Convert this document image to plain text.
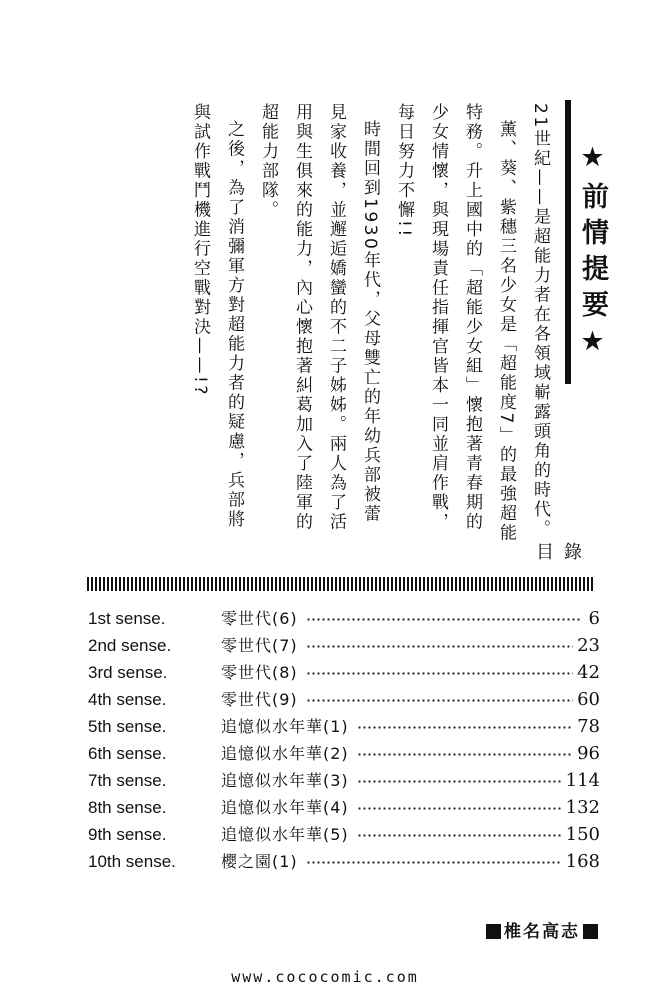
★前情提要★

21世紀——是超能力者在各領域嶄露頭角的時代。

薰、葵、紫穗三名少女是「超能度7」的最強超能特務。升上國中的「超能少女組」懷抱著青春期的少女情懷，與現場責任指揮官皆本一同並肩作戰，每日努力不懈!!

時間回到1930年代，父母雙亡的年幼兵部被蕾見家收養，並邂逅嬌蠻的不二子姊姊。兩人為了活用與生俱來的能力，內心懷抱著糾葛加入了陸軍的超能力部隊。

之後，為了消彌軍方對超能力者的疑慮，兵部將與試作戰鬥機進行空戰對決——!?

目錄
1st sense.	零世代(6)	6
2nd sense.	零世代(7)	23
3rd sense.	零世代(8)	42
4th sense.	零世代(9)	60
5th sense.	追憶似水年華(1)	78
6th sense.	追憶似水年華(2)	96
7th sense.	追憶似水年華(3)	114
8th sense.	追憶似水年華(4)	132
9th sense.	追憶似水年華(5)	150
10th sense.	櫻之園(1)	168
椎名高志
www.cococomic.com
